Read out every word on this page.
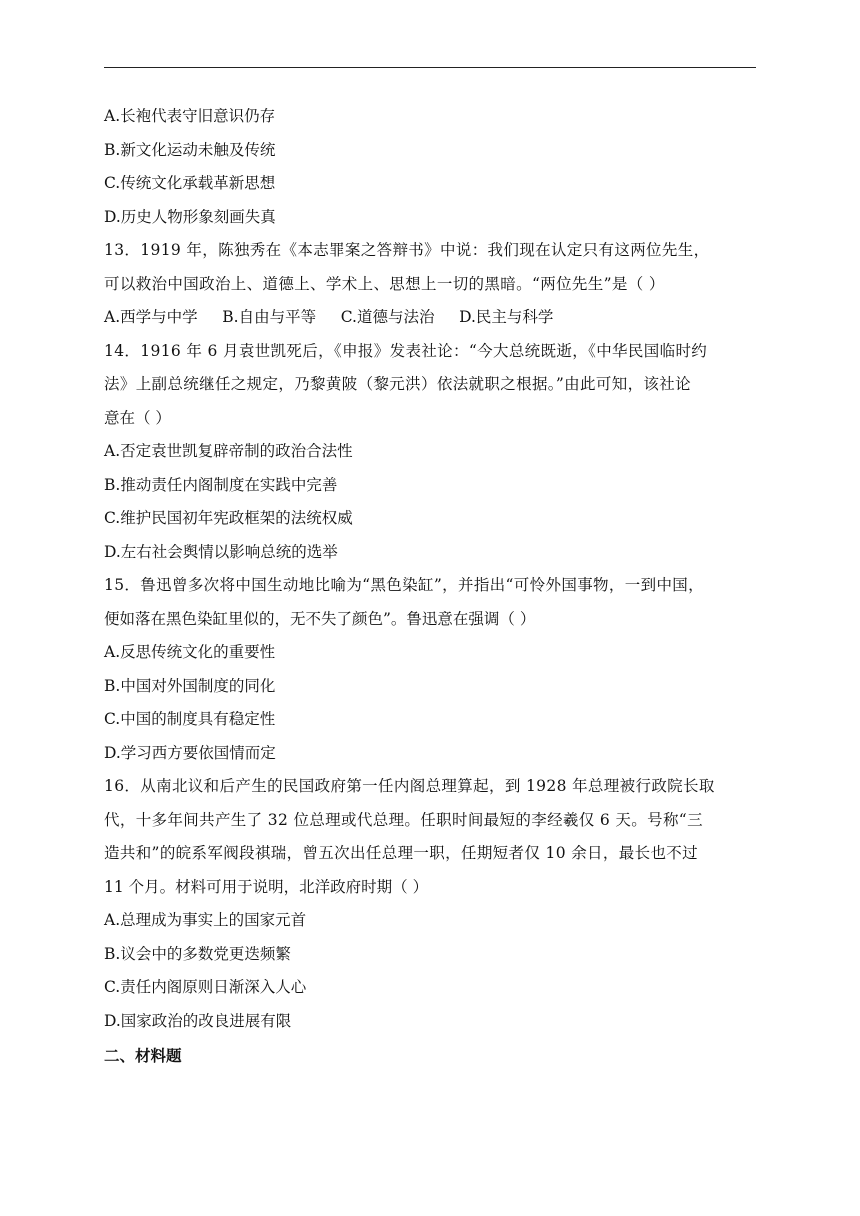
A.长袍代表守旧意识仍存
B.新文化运动未触及传统
C.传统文化承载革新思想
D.历史人物形象刻画失真
13．1919 年，陈独秀在《本志罪案之答辩书》中说：我们现在认定只有这两位先生，
可以救治中国政治上、道德上、学术上、思想上一切的黑暗。“两位先生”是（ ）
A.西学与中学     B.自由与平等     C.道德与法治     D.民主与科学
14．1916 年 6 月袁世凯死后，《申报》发表社论：“今大总统既逝，《中华民国临时约
法》上副总统继任之规定，乃黎黄陂（黎元洪）依法就职之根据。”由此可知，该社论
意在（ ）
A.否定袁世凯复辟帝制的政治合法性
B.推动责任内阁制度在实践中完善
C.维护民国初年宪政框架的法统权威
D.左右社会舆情以影响总统的选举
15．鲁迅曾多次将中国生动地比喻为“黑色染缸”，并指出“可怜外国事物，一到中国，
便如落在黑色染缸里似的，无不失了颜色”。鲁迅意在强调（ ）
A.反思传统文化的重要性
B.中国对外国制度的同化
C.中国的制度具有稳定性
D.学习西方要依国情而定
16．从南北议和后产生的民国政府第一任内阁总理算起，到 1928 年总理被行政院长取
代，十多年间共产生了 32 位总理或代总理。任职时间最短的李经羲仅 6 天。号称“三
造共和”的皖系军阀段祺瑞，曾五次出任总理一职，任期短者仅 10 余日，最长也不过
11 个月。材料可用于说明，北洋政府时期（ ）
A.总理成为事实上的国家元首
B.议会中的多数党更迭频繁
C.责任内阁原则日渐深入人心
D.国家政治的改良进展有限
二、材料题
